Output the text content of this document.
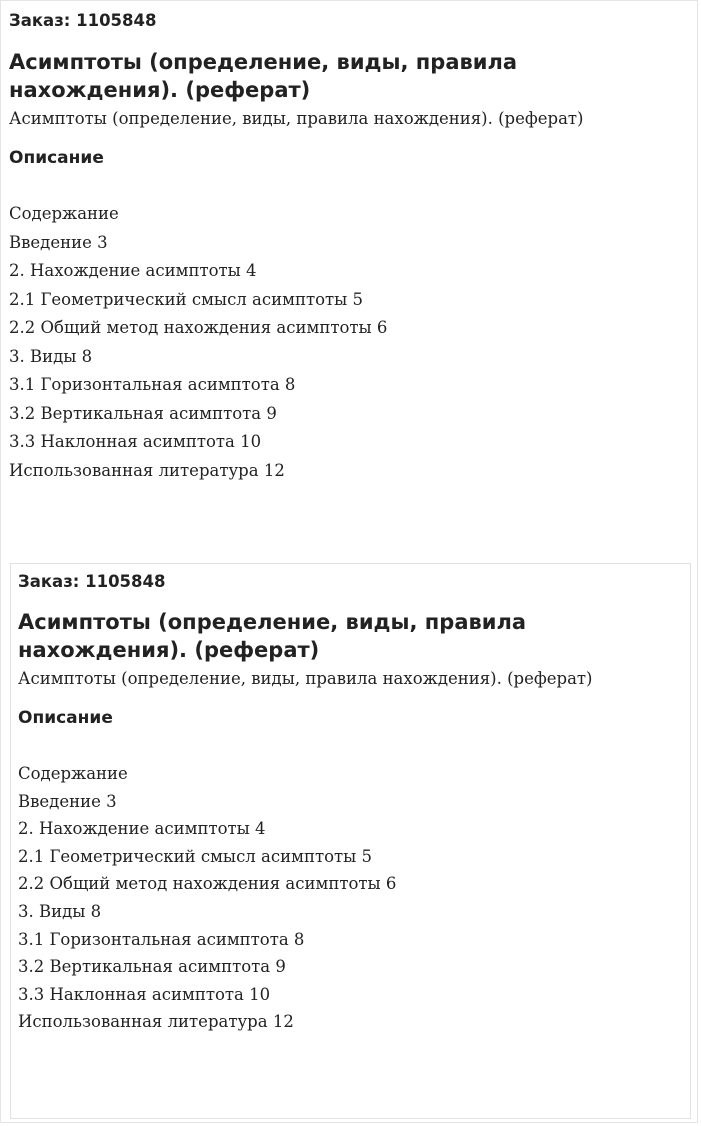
Заказ: 1105848

Асимптоты (определение, виды, правила нахождения). (реферат)

Асимптоты (определение, виды, правила нахождения). (реферат)

Описание
Содержание
Введение 3
2. Нахождение асимптоты 4
2.1 Геометрический смысл асимптоты 5
2.2 Общий метод нахождения асимптоты 6
3. Виды 8
3.1 Горизонтальная асимптота 8
3.2 Вертикальная асимптота 9
3.3 Наклонная асимптота 10
Использованная литература 12

Заказ: 1105848

Асимптоты (определение, виды, правила нахождения). (реферат)

Асимптоты (определение, виды, правила нахождения). (реферат)

Описание
Содержание
Введение 3
2. Нахождение асимптоты 4
2.1 Геометрический смысл асимптоты 5
2.2 Общий метод нахождения асимптоты 6
3. Виды 8
3.1 Горизонтальная асимптота 8
3.2 Вертикальная асимптота 9
3.3 Наклонная асимптота 10
Использованная литература 12
